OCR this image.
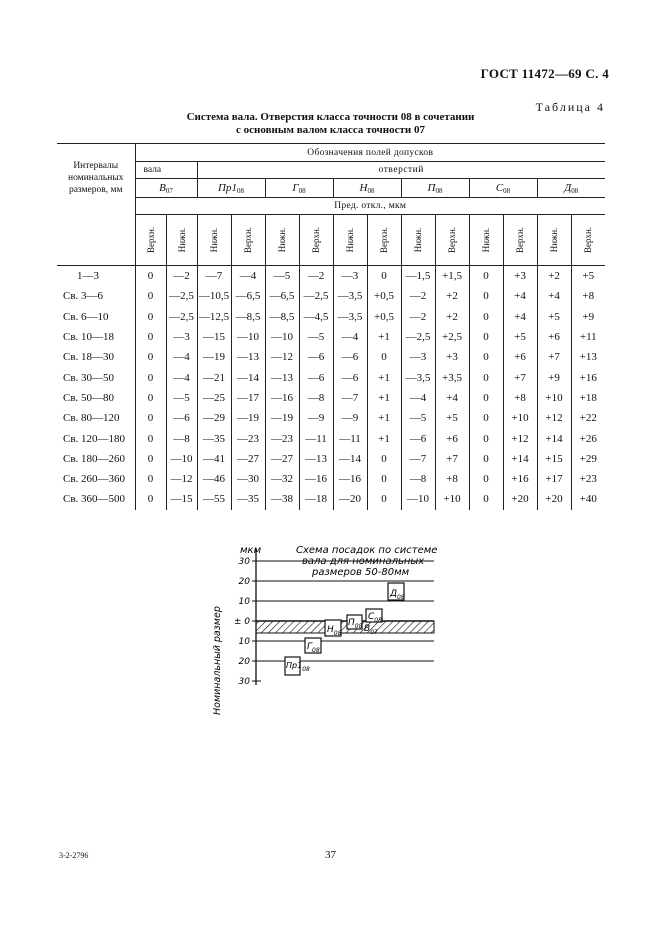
ГОСТ 11472—69 С. 4
Таблица 4
Система вала. Отверстия класса точности 08 в сочетании
с основным валом класса точности 07
Интервалы номинальных размеров, мм	Обозначения полей допусков													
	вала		отверстий											
	$В_{07}$		$Пр1_{08}$		$Г_{08}$		$Н_{08}$		$П_{08}$		$С_{08}$		$Д_{08}$
	Пред. откл., мкм													

	Верхн.	Нижн.	Нижн.	Верхн.	Нижн.	Верхн.	Нижн.	Верхн.	Нижн.	Верхн.	Нижн.	Верхн.	Нижн.	Верхн.

1—3	0	—2	—7	—4	—5	—2	—3	0	—1,5	+1,5	0	+3	+2	+5
Св. 3—6	0	—2,5	—10,5	—6,5	—6,5	—2,5	—3,5	+0,5	—2	+2	0	+4	+4	+8
Св. 6—10	0	—2,5	—12,5	—8,5	—8,5	—4,5	—3,5	+0,5	—2	+2	0	+4	+5	+9
Св. 10—18	0	—3	—15	—10	—10	—5	—4	+1	—2,5	+2,5	0	+5	+6	+11
Св. 18—30	0	—4	—19	—13	—12	—6	—6	0	—3	+3	0	+6	+7	+13
Св. 30—50	0	—4	—21	—14	—13	—6	—6	+1	—3,5	+3,5	0	+7	+9	+16
Св. 50—80	0	—5	—25	—17	—16	—8	—7	+1	—4	+4	0	+8	+10	+18
Св. 80—120	0	—6	—29	—19	—19	—9	—9	+1	—5	+5	0	+10	+12	+22
Св. 120—180	0	—8	—35	—23	—23	—11	—11	+1	—6	+6	0	+12	+14	+26
Св. 180—260	0	—10	—41	—27	—27	—13	—14	0	—7	+7	0	+14	+15	+29
Св. 260—360	0	—12	—46	—30	—32	—16	—16	0	—8	+8	0	+16	+17	+23
Св. 360—500	0	—15	—55	—35	—38	—18	—20	0	—10	+10	0	+20	+20	+40
мкм	Схема посадок по системе
вала для номинальных
размеров 50-80мм
30
20
10
± 0
10
20
30
$Д_{08}$
$С_{08}$
$П_{08}$
$Н_{08}$	$В_{07}$
$Г_{08}$
$Пр1_{08}$
Номинальный размер
3-2-2796	37
